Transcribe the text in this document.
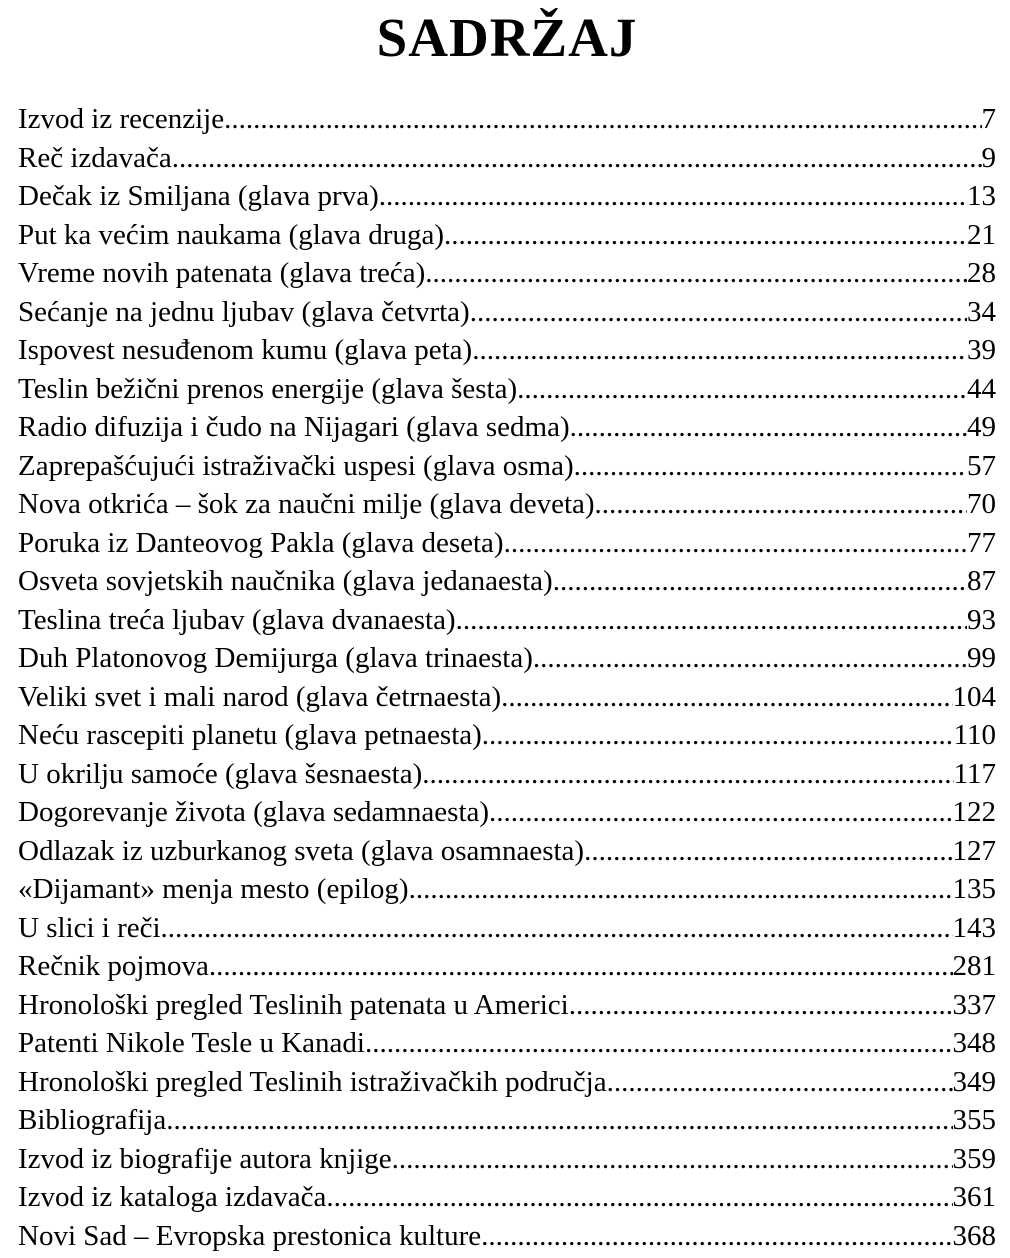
SADRŽAJ
Izvod iz recenzije .....	7
Reč izdavača .....	9
Dečak iz Smiljana (glava prva) .....	13
Put ka većim naukama (glava druga) .....	21
Vreme novih patenata (glava treća) .....	28
Sećanje na jednu ljubav (glava četvrta) .....	34
Ispovest nesuđenom kumu (glava peta) .....	39
Teslin bežični prenos energije (glava šesta) .....	44
Radio difuzija i čudo na Nijagari (glava sedma) .....	49
Zaprepašćujući istraživački uspesi (glava osma) .....	57
Nova otkrića – šok za naučni milje (glava deveta) .....	70
Poruka iz Danteovog Pakla (glava deseta) .....	77
Osveta sovjetskih naučnika (glava jedanaesta) .....	87
Teslina treća ljubav (glava dvanaesta) .....	93
Duh Platonovog Demijurga (glava trinaesta) .....	99
Veliki svet i mali narod (glava četrnaesta) .....	104
Neću rascepiti planetu (glava petnaesta) .....	110
U okrilju samoće (glava šesnaesta) .....	117
Dogorevanje života (glava sedamnaesta) .....	122
Odlazak iz uzburkanog sveta (glava osamnaesta) .....	127
«Dijamant» menja mesto (epilog) .....	135
U slici i reči .....	143
Rečnik pojmova .....	281
Hronološki pregled Teslinih patenata u Americi .....	337
Patenti Nikole Tesle u Kanadi .....	348
Hronološki pregled Teslinih istraživačkih područja .....	349
Bibliografija .....	355
Izvod iz biografije autora knjige .....	359
Izvod iz kataloga izdavača .....	361
Novi Sad – Evropska prestonica kulture. .....	368
